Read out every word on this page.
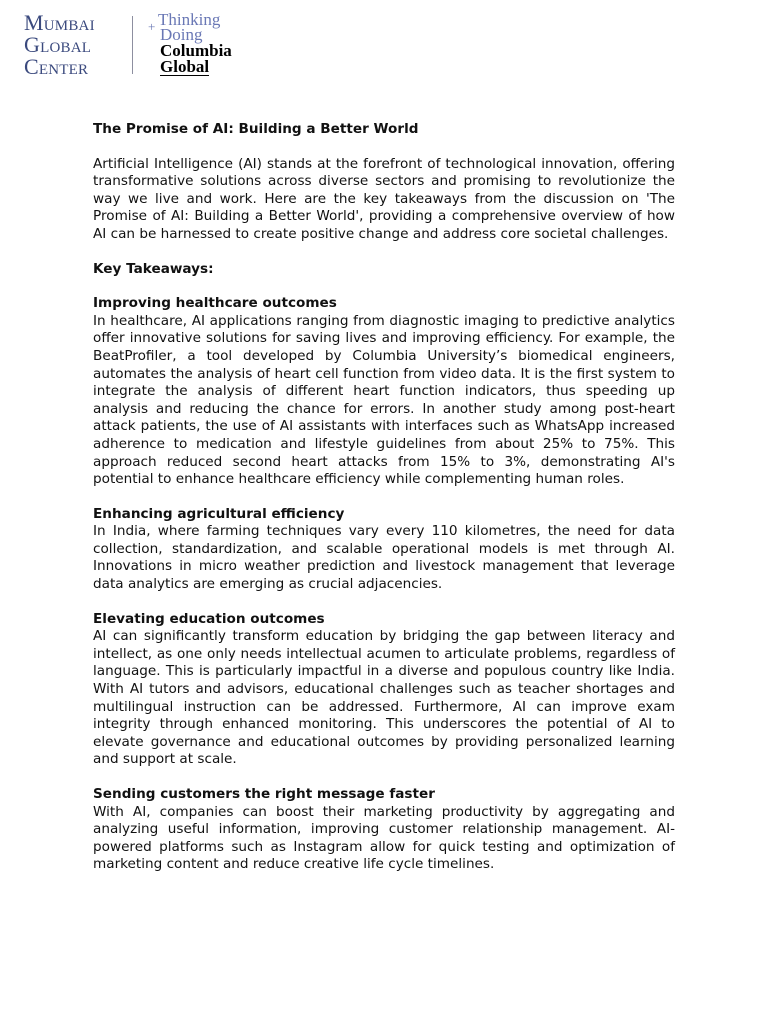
Mumbai
Global
Center
+ Thinking
Doing
Columbia
Global
The Promise of AI: Building a Better World

Artificial Intelligence (AI) stands at the forefront of technological innovation, offering transformative solutions across diverse sectors and promising to revolutionize the way we live and work. Here are the key takeaways from the discussion on 'The Promise of AI: Building a Better World', providing a comprehensive overview of how AI can be harnessed to create positive change and address core societal challenges.

Key Takeaways:

Improving healthcare outcomes

In healthcare, AI applications ranging from diagnostic imaging to predictive analytics offer innovative solutions for saving lives and improving efficiency. For example, the BeatProfiler, a tool developed by Columbia University’s biomedical engineers, automates the analysis of heart cell function from video data. It is the first system to integrate the analysis of different heart function indicators, thus speeding up analysis and reducing the chance for errors. In another study among post-heart attack patients, the use of AI assistants with interfaces such as WhatsApp increased adherence to medication and lifestyle guidelines from about 25% to 75%. This approach reduced second heart attacks from 15% to 3%, demonstrating AI's potential to enhance healthcare efficiency while complementing human roles.

Enhancing agricultural efficiency

In India, where farming techniques vary every 110 kilometres, the need for data collection, standardization, and scalable operational models is met through AI. Innovations in micro weather prediction and livestock management that leverage data analytics are emerging as crucial adjacencies.

Elevating education outcomes

AI can significantly transform education by bridging the gap between literacy and intellect, as one only needs intellectual acumen to articulate problems, regardless of language. This is particularly impactful in a diverse and populous country like India. With AI tutors and advisors, educational challenges such as teacher shortages and multilingual instruction can be addressed. Furthermore, AI can improve exam integrity through enhanced monitoring. This underscores the potential of AI to elevate governance and educational outcomes by providing personalized learning and support at scale.

Sending customers the right message faster

With AI, companies can boost their marketing productivity by aggregating and analyzing useful information, improving customer relationship management. AI-powered platforms such as Instagram allow for quick testing and optimization of marketing content and reduce creative life cycle timelines.
